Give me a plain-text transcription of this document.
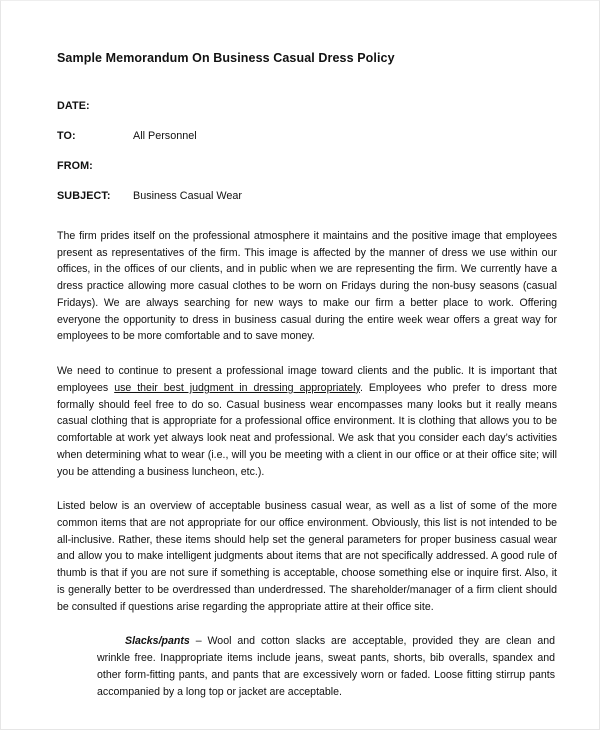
Sample Memorandum On Business Casual Dress Policy
DATE:
TO:	All Personnel
FROM:
SUBJECT:	Business Casual Wear

The firm prides itself on the professional atmosphere it maintains and the positive image that employees present as representatives of the firm. This image is affected by the manner of dress we use within our offices, in the offices of our clients, and in public when we are representing the firm. We currently have a dress practice allowing more casual clothes to be worn on Fridays during the non-busy seasons (casual Fridays). We are always searching for new ways to make our firm a better place to work. Offering everyone the opportunity to dress in business casual during the entire week wear offers a great way for employees to be more comfortable and to save money.

We need to continue to present a professional image toward clients and the public. It is important that employees use their best judgment in dressing appropriately. Employees who prefer to dress more formally should feel free to do so. Casual business wear encompasses many looks but it really means casual clothing that is appropriate for a professional office environment. It is clothing that allows you to be comfortable at work yet always look neat and professional. We ask that you consider each day’s activities when determining what to wear (i.e., will you be meeting with a client in our office or at their office site; will you be attending a business luncheon, etc.).

Listed below is an overview of acceptable business casual wear, as well as a list of some of the more common items that are not appropriate for our office environment. Obviously, this list is not intended to be all-inclusive. Rather, these items should help set the general parameters for proper business casual wear and allow you to make intelligent judgments about items that are not specifically addressed. A good rule of thumb is that if you are not sure if something is acceptable, choose something else or inquire first. Also, it is generally better to be overdressed than underdressed. The shareholder/manager of a firm client should be consulted if questions arise regarding the appropriate attire at their office site.

Slacks/pants – Wool and cotton slacks are acceptable, provided they are clean and wrinkle free. Inappropriate items include jeans, sweat pants, shorts, bib overalls, spandex and other form-fitting pants, and pants that are excessively worn or faded. Loose fitting stirrup pants accompanied by a long top or jacket are acceptable.
